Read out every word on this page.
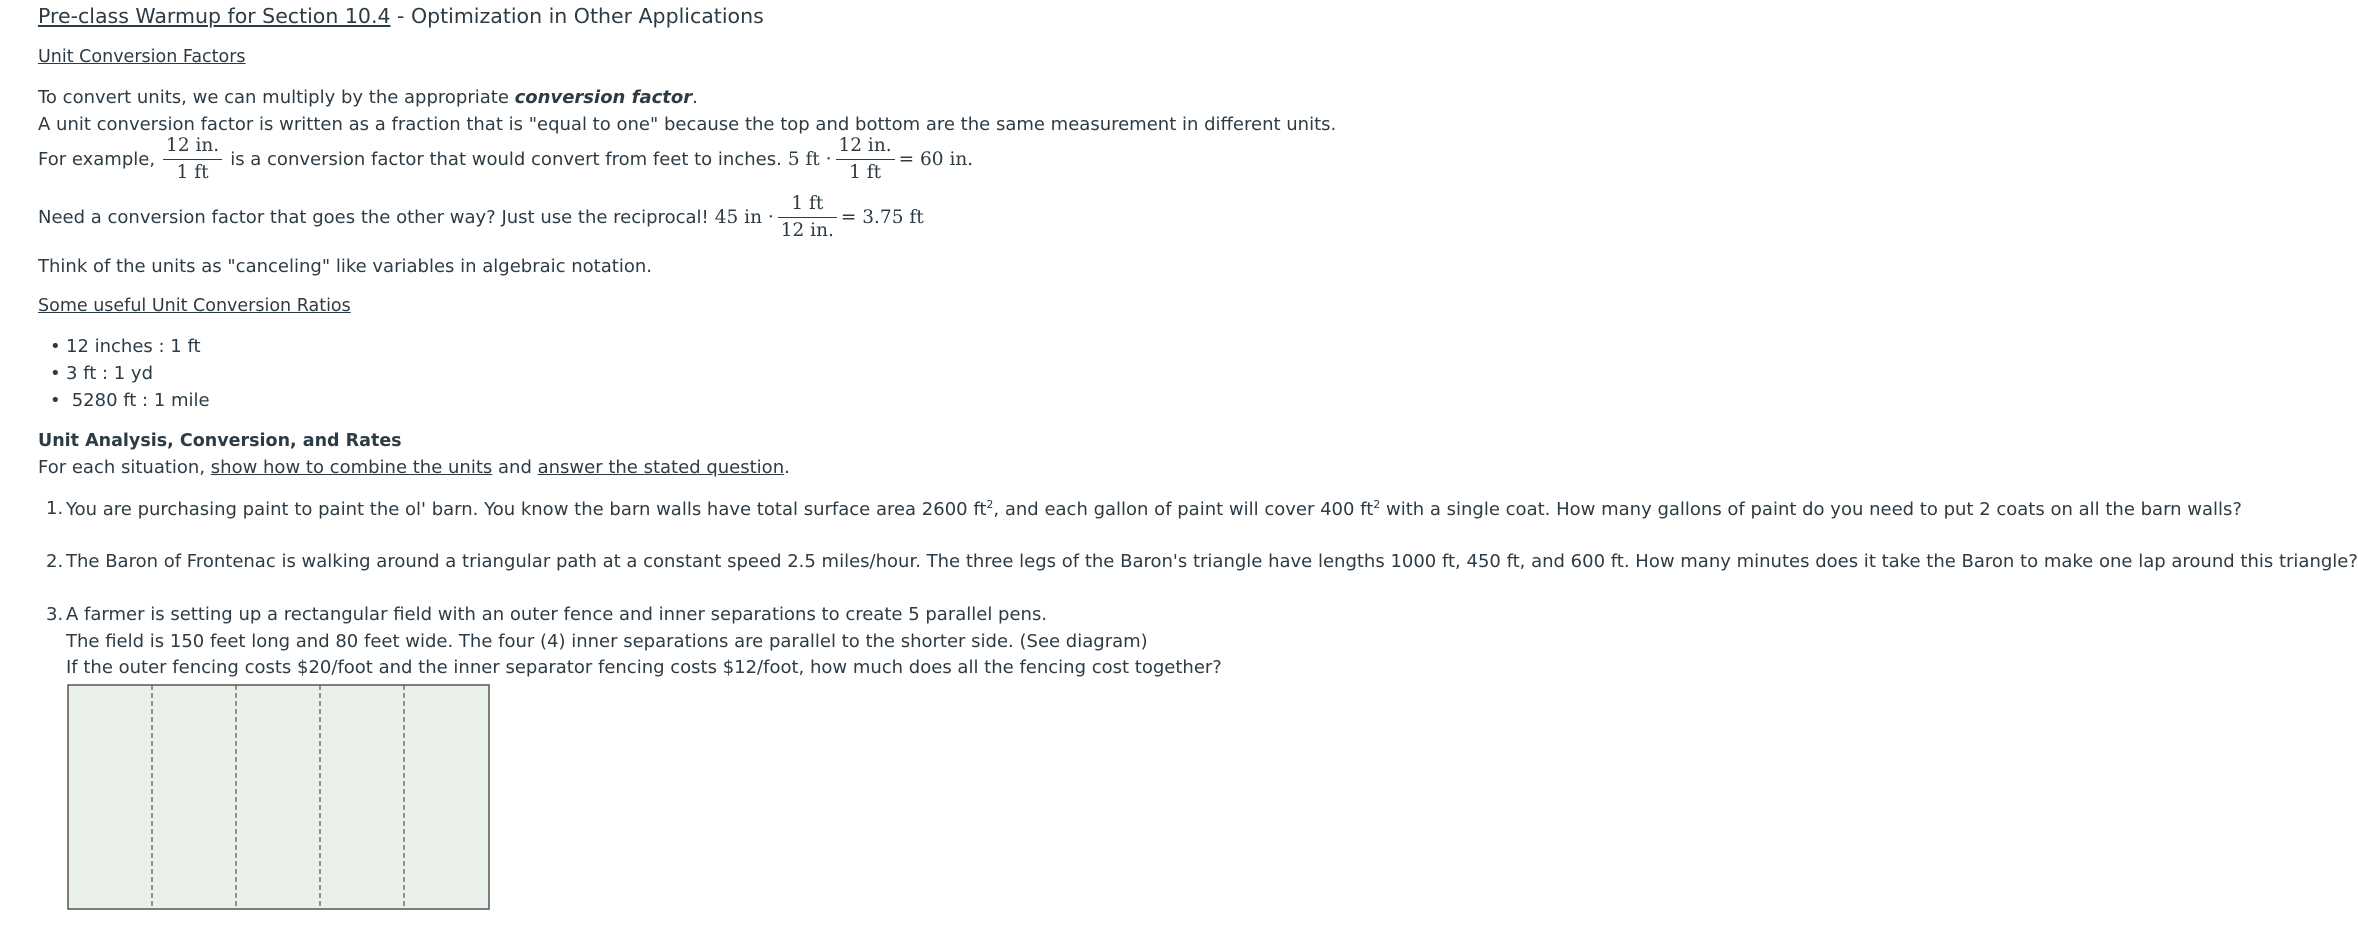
Pre-class Warmup for Section 10.4 - Optimization in Other Applications
Unit Conversion Factors
To convert units, we can multiply by the appropriate conversion factor.
A unit conversion factor is written as a fraction that is "equal to one" because the top and bottom are the same measurement in different units.
For example, $\frac{12 in.}{1 ft}$ is a conversion factor that would convert from feet to inches. 5 ft · $\frac{12 in.}{1 ft} = 60$ in.
Need a conversion factor that goes the other way? Just use the reciprocal! 45 in · $\frac{1 ft}{12 in.} = 3.75$ ft
Think of the units as "canceling" like variables in algebraic notation.
Some useful Unit Conversion Ratios
• 12 inches : 1 ft
• 3 ft : 1 yd
•  5280 ft : 1 mile
Unit Analysis, Conversion, and Rates
For each situation, show how to combine the units and answer the stated question.
1. You are purchasing paint to paint the ol' barn. You know the barn walls have total surface area 2600 $ft^2$, and each gallon of paint will cover 400 $ft^2$ with a single coat. How many gallons of paint do you need to put 2 coats on all the barn walls?
2. The Baron of Frontenac is walking around a triangular path at a constant speed 2.5 miles/hour. The three legs of the Baron's triangle have lengths 1000 ft, 450 ft, and 600 ft. How many minutes does it take the Baron to make one lap around this triangle?
3. A farmer is setting up a rectangular field with an outer fence and inner separations to create 5 parallel pens.
The field is 150 feet long and 80 feet wide. The four (4) inner separations are parallel to the shorter side. (See diagram)
If the outer fencing costs $20/foot and the inner separator fencing costs $12/foot, how much does all the fencing cost together?
